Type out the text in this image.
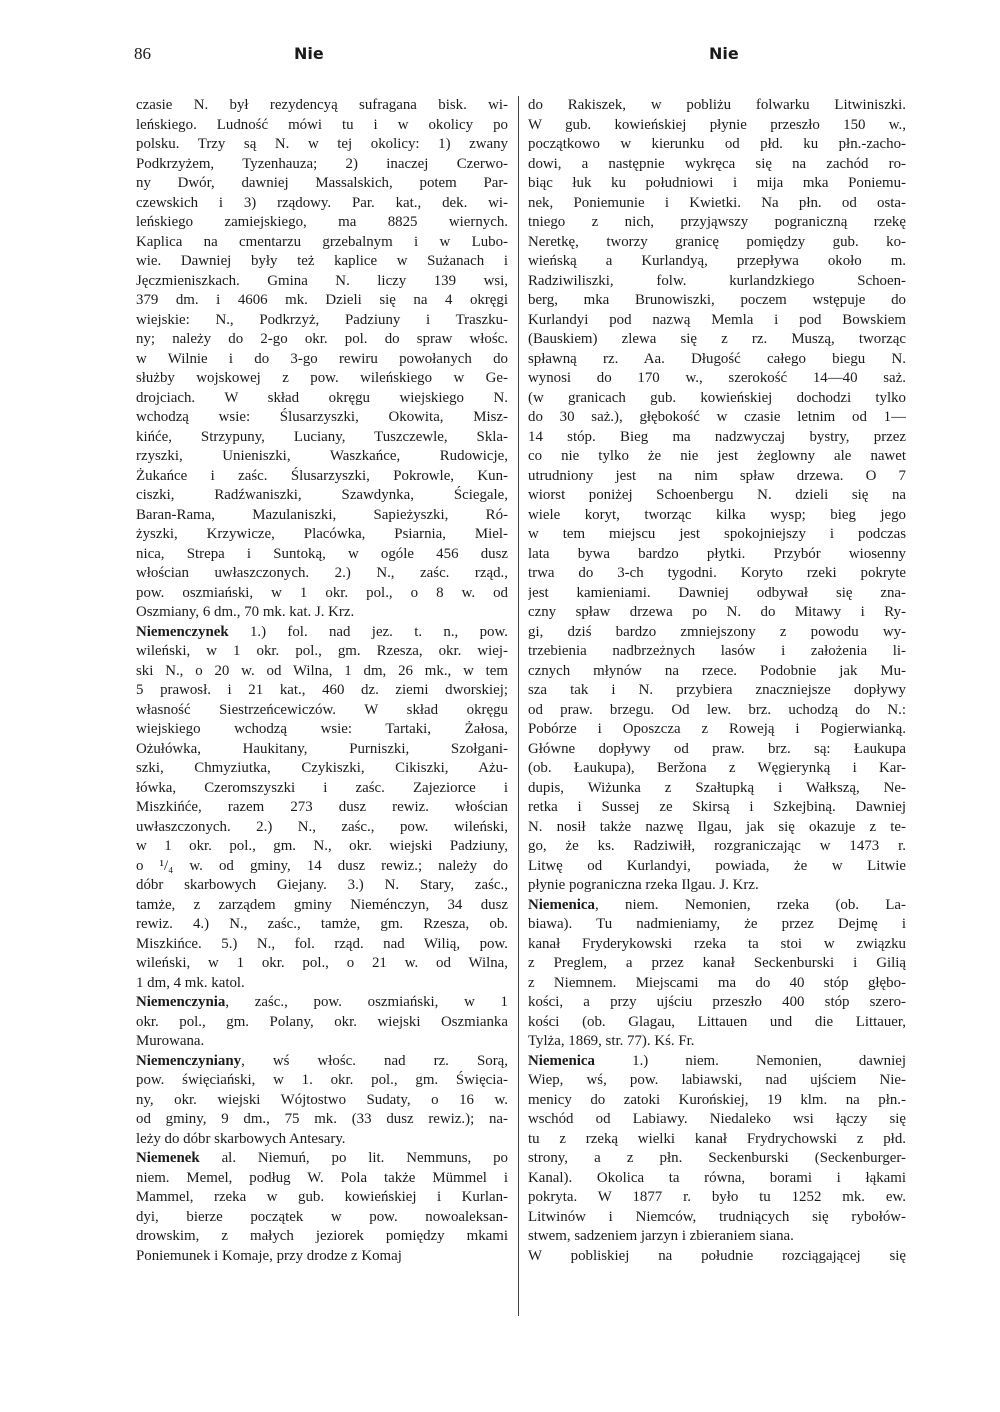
86	Nie	Nie
czasie N. był rezydencyą sufragana bisk. wi-
leńskiego. Ludność mówi tu i w okolicy po
polsku. Trzy są N. w tej okolicy: 1) zwany
Podkrzyżem, Tyzenhauza; 2) inaczej Czerwo-
ny Dwór, dawniej Massalskich, potem Par-
czewskich i 3) rządowy. Par. kat., dek. wi-
leńskiego zamiejskiego, ma 8825 wiernych.
Kaplica na cmentarzu grzebalnym i w Lubo-
wie. Dawniej były też kaplice w Sużanach i
Jęczmieniszkach. Gmina N. liczy 139 wsi,
379 dm. i 4606 mk. Dzieli się na 4 okręgi
wiejskie: N., Podkrzyż, Padziuny i Traszku-
ny; należy do 2-go okr. pol. do spraw włośc.
w Wilnie i do 3-go rewiru powołanych do
służby wojskowej z pow. wileńskiego w Ge-
drojciach. W skład okręgu wiejskiego N.
wchodzą wsie: Ślusarzyszki, Okowita, Misz-
kińće, Strzypuny, Luciany, Tuszczewle, Skla-
rzyszki, Unieniszki, Waszkańce, Rudowicje,
Żukańce i zaśc. Ślusarzyszki, Pokrowle, Kun-
ciszki, Radźwaniszki, Szawdynka, Ściegale,
Baran-Rama, Mazulaniszki, Sapieżyszki, Ró-
żyszki, Krzywicze, Placówka, Psiarnia, Miel-
nica, Strepa i Suntoką, w ogóle 456 dusz
włościan uwłaszczonych. 2.) N., zaśc. rząd.,
pow. oszmiański, w 1 okr. pol., o 8 w. od
Oszmiany, 6 dm., 70 mk. kat. J. Krz.
Niemenczynek 1.) fol. nad jez. t. n., pow.
wileński, w 1 okr. pol., gm. Rzesza, okr. wiej-
ski N., o 20 w. od Wilna, 1 dm, 26 mk., w tem
5 prawosł. i 21 kat., 460 dz. ziemi dworskiej;
własność Siestrzeńcewiczów. W skład okręgu
wiejskiego wchodzą wsie: Tartaki, Żałosa,
Ożułówka, Haukitany, Purniszki, Szołgani-
szki, Chmyziutka, Czykiszki, Cikiszki, Ażu-
łówka, Czeromszyszki i zaśc. Zajeziorce i
Miszkińće, razem 273 dusz rewiz. włościan
uwłaszczonych. 2.) N., zaśc., pow. wileński,
w 1 okr. pol., gm. N., okr. wiejski Padziuny,
o ¹/₄ w. od gminy, 14 dusz rewiz.; należy do
dóbr skarbowych Giejany. 3.) N. Stary, zaśc.,
tamże, z zarządem gminy Nieménczyn, 34 dusz
rewiz. 4.) N., zaśc., tamże, gm. Rzesza, ob.
Miszkińce. 5.) N., fol. rząd. nad Wilią, pow.
wileński, w 1 okr. pol., o 21 w. od Wilna,
1 dm, 4 mk. katol.
Niemenczynia, zaśc., pow. oszmiański, w 1
okr. pol., gm. Polany, okr. wiejski Oszmianka
Murowana.
Niemenczyniany, wś włośc. nad rz. Sorą,
pow. święciański, w 1. okr. pol., gm. Święcia-
ny, okr. wiejski Wójtostwo Sudaty, o 16 w.
od gminy, 9 dm., 75 mk. (33 dusz rewiz.); na-
leży do dóbr skarbowych Antesary.
Niemenek al. Niemuń, po lit. Nemmuns, po
niem. Memel, podług W. Pola także Mümmel i
Mammel, rzeka w gub. kowieńskiej i Kurlan-
dyi, bierze początek w pow. nowoaleksan-
drowskim, z małych jeziorek pomiędzy mkami
Poniemunek i Komaje, przy drodze z Komaj
do Rakiszek, w pobliżu folwarku Litwiniszki.
W gub. kowieńskiej płynie przeszło 150 w.,
początkowo w kierunku od płd. ku płn.-zacho-
dowi, a następnie wykręca się na zachód ro-
biąc łuk ku południowi i mija mka Poniemu-
nek, Poniemunie i Kwietki. Na płn. od osta-
tniego z nich, przyjąwszy pograniczną rzekę
Neretkę, tworzy granicę pomiędzy gub. ko-
wieńską a Kurlandyą, przepływa około m.
Radziwiliszki, folw. kurlandzkiego Schoen-
berg, mka Brunowiszki, poczem wstępuje do
Kurlandyi pod nazwą Memla i pod Bowskiem
(Bauskiem) zlewa się z rz. Muszą, tworząc
spławną rz. Aa. Długość całego biegu N.
wynosi do 170 w., szerokość 14—40 saż.
(w granicach gub. kowieńskiej dochodzi tylko
do 30 saż.), głębokość w czasie letnim od 1—
14 stóp. Bieg ma nadzwyczaj bystry, przez
co nie tylko że nie jest żeglowny ale nawet
utrudniony jest na nim spław drzewa. O 7
wiorst poniżej Schoenbergu N. dzieli się na
wiele koryt, tworząc kilka wysp; bieg jego
w tem miejscu jest spokojniejszy i podczas
lata bywa bardzo płytki. Przybór wiosenny
trwa do 3-ch tygodni. Koryto rzeki pokryte
jest kamieniami. Dawniej odbywał się zna-
czny spław drzewa po N. do Mitawy i Ry-
gi, dziś bardzo zmniejszony z powodu wy-
trzebienia nadbrzeżnych lasów i założenia li-
cznych młynów na rzece. Podobnie jak Mu-
sza tak i N. przybiera znaczniejsze dopływy
od praw. brzegu. Od lew. brz. uchodzą do N.:
Pobórze i Oposzcza z Roweją i Pogierwianką.
Główne dopływy od praw. brz. są: Łaukupa
(ob. Łaukupa), Beržona z Węgierynką i Kar-
dupis, Wiżunka z Szałtupką i Wałkszą, Ne-
retka i Sussej ze Skirsą i Szkejbiną. Dawniej
N. nosił także nazwę Ilgau, jak się okazuje z te-
go, że ks. Radziwiłł, rozgraniczając w 1473 r.
Litwę od Kurlandyi, powiada, że w Litwie
płynie pograniczna rzeka Ilgau. J. Krz.
Niemenica, niem. Nemonien, rzeka (ob. La-
biawa). Tu nadmieniamy, że przez Dejmę i
kanał Fryderykowski rzeka ta stoi w związku
z Preglem, a przez kanał Seckenburski i Gilią
z Niemnem. Miejscami ma do 40 stóp głębo-
kości, a przy ujściu przeszło 400 stóp szero-
kości (ob. Glagau, Littauen und die Littauer,
Tylża, 1869, str. 77). Kś. Fr.
Niemenica 1.) niem. Nemonien, dawniej
Wiep, wś, pow. labiawski, nad ujściem Nie-
menicy do zatoki Kurońskiej, 19 klm. na płn.-
wschód od Labiawy. Niedaleko wsi łączy się
tu z rzeką wielki kanał Frydrychowski z płd.
strony, a z płn. Seckenburski (Seckenburger-
Kanal). Okolica ta równa, borami i łąkami
pokryta. W 1877 r. było tu 1252 mk. ew.
Litwinów i Niemców, trudniących się rybołów-
stwem, sadzeniem jarzyn i zbieraniem siana.
W pobliskiej na południe rozciągającej się
